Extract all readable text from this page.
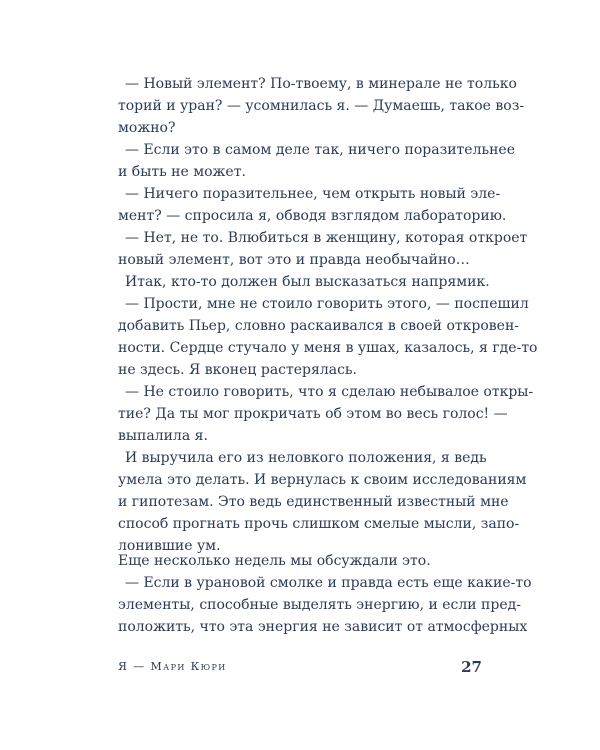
— Новый элемент? По-твоему, в минерале не только
торий и уран? — усомнилась я. — Думаешь, такое воз-
можно?
— Если это в самом деле так, ничего поразительнее
и быть не может.
— Ничего поразительнее, чем открыть новый эле-
мент? — спросила я, обводя взглядом лабораторию.
— Нет, не то. Влюбиться в женщину, которая откроет
новый элемент, вот это и правда необычайно…
Итак, кто-то должен был высказаться напрямик.
— Прости, мне не стоило говорить этого, — поспешил
добавить Пьер, словно раскаивался в своей откровен-
ности. Сердце стучало у меня в ушах, казалось, я где-то
не здесь. Я вконец растерялась.
— Не стоило говорить, что я сделаю небывалое откры-
тие? Да ты мог прокричать об этом во весь голос! —
выпалила я.
И выручила его из неловкого положения, я ведь
умела это делать. И вернулась к своим исследованиям
и гипотезам. Это ведь единственный известный мне
способ прогнать прочь слишком смелые мысли, запо-
лонившие ум.
Еще несколько недель мы обсуждали это.
— Если в урановой смолке и правда есть еще какие-то
элементы, способные выделять энергию, и если пред-
положить, что эта энергия не зависит от атмосферных
Я — Мари Кюри	27
